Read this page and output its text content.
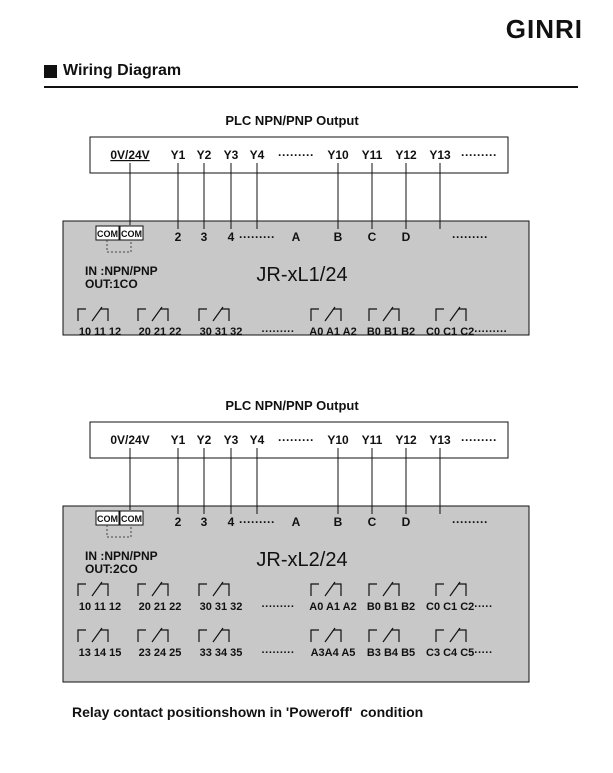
GINRI
Wiring Diagram
PLC NPN/PNP Output
0V/24V Y1 Y2 Y3 Y4 ········· Y10 Y11 Y12 Y13 ·········
COM COM	2 3 4 ········· A	B C D	·········
IN :NPN/PNP
OUT:1CO	JR-xL1/24
10 11 12 20 21 22 30 31 32 ········· A0 A1 A2 B0 B1 B2 C0 C1 C2·········
PLC NPN/PNP Output
0V/24V Y1 Y2 Y3 Y4 ········· Y10 Y11 Y12 Y13 ·········
COM COM	2 3 4 ········· A	B C D	·········
IN :NPN/PNP
OUT:2CO	JR-xL2/24
10 11 12 20 21 22 30 31 32 ········· A0 A1 A2 B0 B1 B2 C0 C1 C2·····
13 14 15 23 24 25 33 34 35 ········· A3A4 A5 B3 B4 B5 C3 C4 C5·····
Relay contact positionshown in 'Poweroff'  condition
